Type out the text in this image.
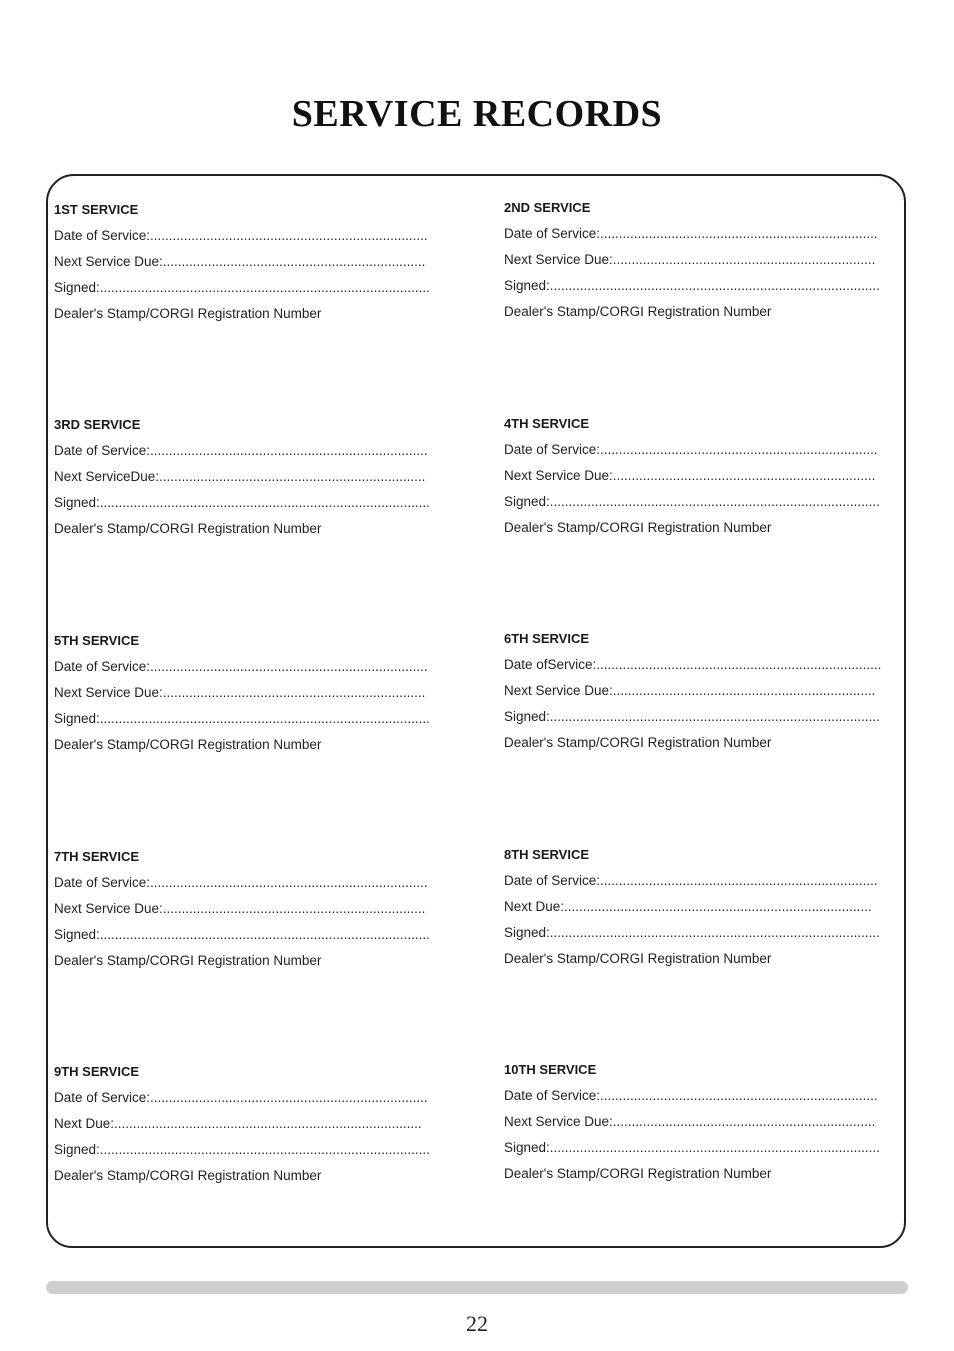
SERVICE RECORDS
1ST SERVICE
Date of Service:..........................................................................
Next Service Due:......................................................................
Signed:........................................................................................
Dealer's Stamp/CORGI Registration Number
2ND SERVICE
Date of Service:..........................................................................
Next Service Due:......................................................................
Signed:........................................................................................
Dealer's Stamp/CORGI Registration Number
3RD SERVICE
Date of Service:..........................................................................
Next ServiceDue:.......................................................................
Signed:........................................................................................
Dealer's Stamp/CORGI Registration Number
4TH SERVICE
Date of Service:..........................................................................
Next Service Due:......................................................................
Signed:........................................................................................
Dealer's Stamp/CORGI Registration Number
5TH SERVICE
Date of Service:..........................................................................
Next Service Due:......................................................................
Signed:........................................................................................
Dealer's Stamp/CORGI Registration Number
6TH SERVICE
Date ofService:............................................................................
Next Service Due:......................................................................
Signed:........................................................................................
Dealer's Stamp/CORGI Registration Number
7TH SERVICE
Date of Service:..........................................................................
Next Service Due:......................................................................
Signed:........................................................................................
Dealer's Stamp/CORGI Registration Number
8TH SERVICE
Date of Service:..........................................................................
Next Due:..................................................................................
Signed:........................................................................................
Dealer's Stamp/CORGI Registration Number
9TH SERVICE
Date of Service:..........................................................................
Next Due:..................................................................................
Signed:........................................................................................
Dealer's Stamp/CORGI Registration Number
10TH SERVICE
Date of Service:..........................................................................
Next Service Due:......................................................................
Signed:........................................................................................
Dealer's Stamp/CORGI Registration Number
22
